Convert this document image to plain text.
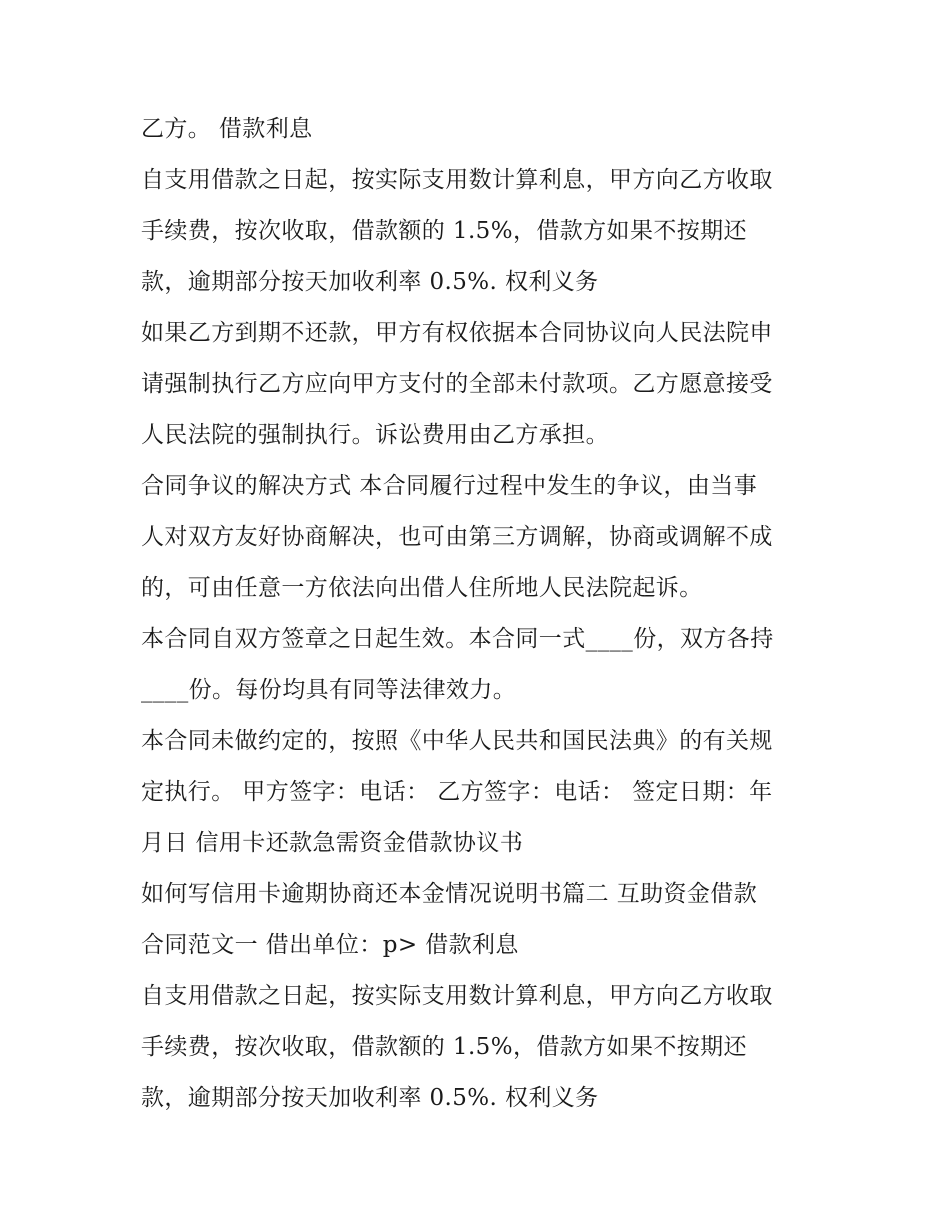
乙方。 借款利息
自支用借款之日起，按实际支用数计算利息，甲方向乙方收取
手续费，按次收取，借款额的 1.5%，借款方如果不按期还
款，逾期部分按天加收利率 0.5%. 权利义务
如果乙方到期不还款，甲方有权依据本合同协议向人民法院申
请强制执行乙方应向甲方支付的全部未付款项。乙方愿意接受
人民法院的强制执行。诉讼费用由乙方承担。
合同争议的解决方式 本合同履行过程中发生的争议，由当事
人对双方友好协商解决，也可由第三方调解，协商或调解不成
的，可由任意一方依法向出借人住所地人民法院起诉。
本合同自双方签章之日起生效。本合同一式____份，双方各持
____份。每份均具有同等法律效力。
本合同未做约定的，按照《中华人民共和国民法典》的有关规
定执行。 甲方签字：电话： 乙方签字：电话： 签定日期：年
月日 信用卡还款急需资金借款协议书
如何写信用卡逾期协商还本金情况说明书篇二 互助资金借款
合同范文一 借出单位：p> 借款利息
自支用借款之日起，按实际支用数计算利息，甲方向乙方收取
手续费，按次收取，借款额的 1.5%，借款方如果不按期还
款，逾期部分按天加收利率 0.5%. 权利义务
